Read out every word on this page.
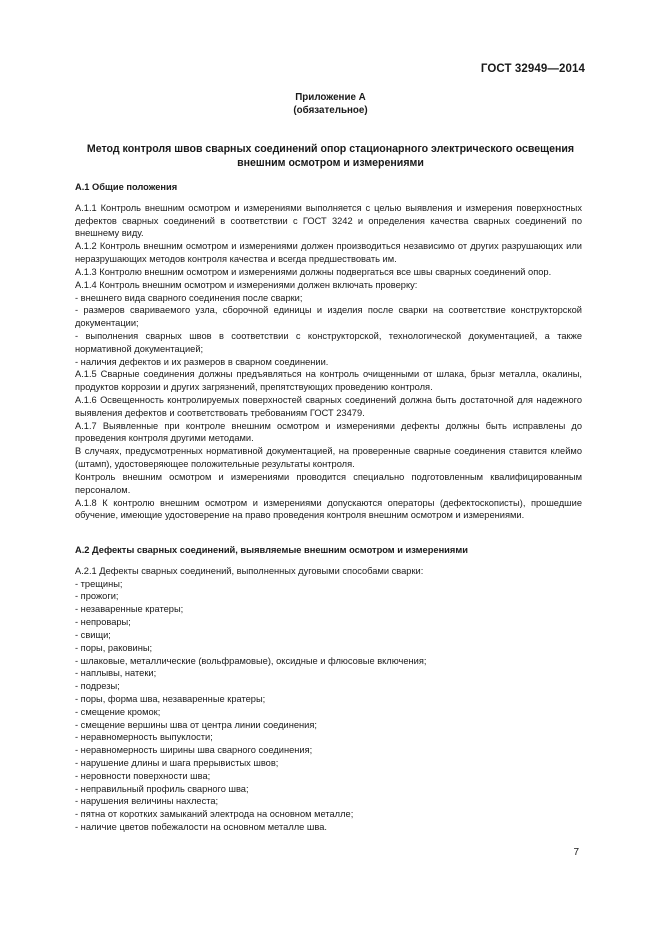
ГОСТ 32949—2014
Приложение А
(обязательное)
Метод контроля швов сварных соединений опор стационарного электрического освещения внешним осмотром и измерениями

А.1 Общие положения

А.1.1 Контроль внешним осмотром и измерениями выполняется с целью выявления и измерения поверхностных дефектов сварных соединений в соответствии с ГОСТ 3242 и определения качества сварных соединений по внешнему виду.

А.1.2 Контроль внешним осмотром и измерениями должен производиться независимо от других разрушающих или неразрушающих методов контроля качества и всегда предшествовать им.

А.1.3 Контролю внешним осмотром и измерениями должны подвергаться все швы сварных соединений опор.

А.1.4 Контроль внешним осмотром и измерениями должен включать проверку:

- внешнего вида сварного соединения после сварки;

- размеров свариваемого узла, сборочной единицы и изделия после сварки на соответствие конструкторской документации;

- выполнения сварных швов в соответствии с конструкторской, технологической документацией, а также нормативной документацией;

- наличия дефектов и их размеров в сварном соединении.

А.1.5 Сварные соединения должны предъявляться на контроль очищенными от шлака, брызг металла, окалины, продуктов коррозии и других загрязнений, препятствующих проведению контроля.

А.1.6 Освещенность контролируемых поверхностей сварных соединений должна быть достаточной для надежного выявления дефектов и соответствовать требованиям ГОСТ 23479.

А.1.7 Выявленные при контроле внешним осмотром и измерениями дефекты должны быть исправлены до проведения контроля другими методами.

В случаях, предусмотренных нормативной документацией, на проверенные сварные соединения ставится клеймо (штамп), удостоверяющее положительные результаты контроля.

Контроль внешним осмотром и измерениями проводится специально подготовленным квалифицированным персоналом.

А.1.8 К контролю внешним осмотром и измерениями допускаются операторы (дефектоскописты), прошедшие обучение, имеющие удостоверение на право проведения контроля внешним осмотром и измерениями.

А.2 Дефекты сварных соединений, выявляемые внешним осмотром и измерениями

А.2.1 Дефекты сварных соединений, выполненных дуговыми способами сварки:

- трещины;

- прожоги;

- незаваренные кратеры;

- непровары;

- свищи;

- поры, раковины;

- шлаковые, металлические (вольфрамовые), оксидные и флюсовые включения;

- наплывы, натеки;

- подрезы;

- поры, форма шва, незаваренные кратеры;

- смещение кромок;

- смещение вершины шва от центра линии соединения;

- неравномерность выпуклости;

- неравномерность ширины шва сварного соединения;

- нарушение длины и шага прерывистых швов;

- неровности поверхности шва;

- неправильный профиль сварного шва;

- нарушения величины нахлеста;

- пятна от коротких замыканий электрода на основном металле;

- наличие цветов побежалости на основном металле шва.

7
